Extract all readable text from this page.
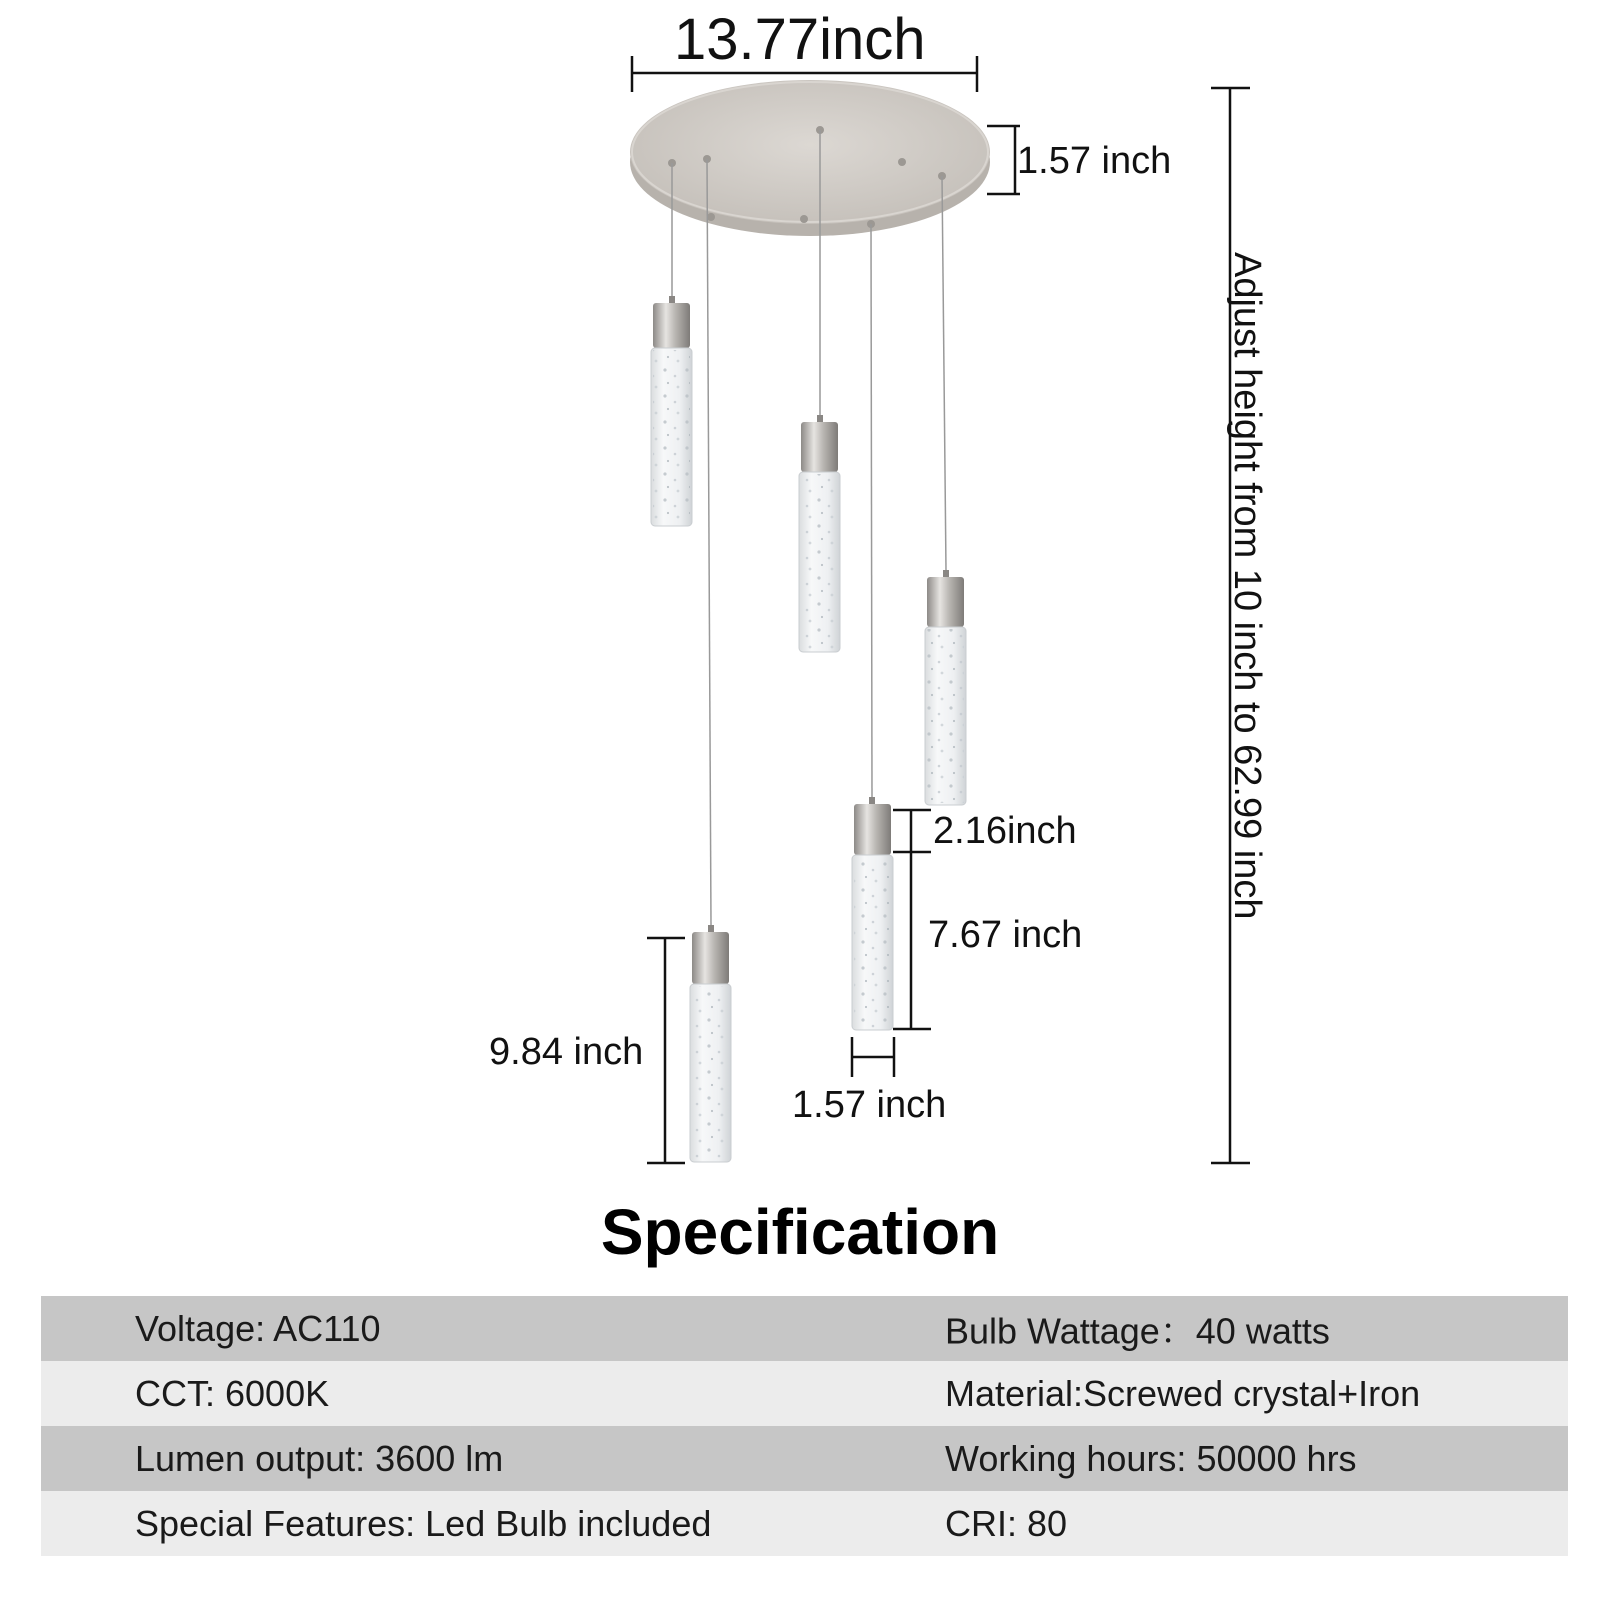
13.77inch
1.57 inch
Adjust height from 10 inch to 62.99 inch
2.16inch
7.67 inch
9.84 inch
1.57 inch
Specification
Voltage: AC110	Bulb Wattage：40 watts
CCT: 6000K	Material:Screwed crystal+Iron
Lumen output: 3600 lm	Working hours: 50000 hrs
Special Features: Led Bulb included	CRI: 80
